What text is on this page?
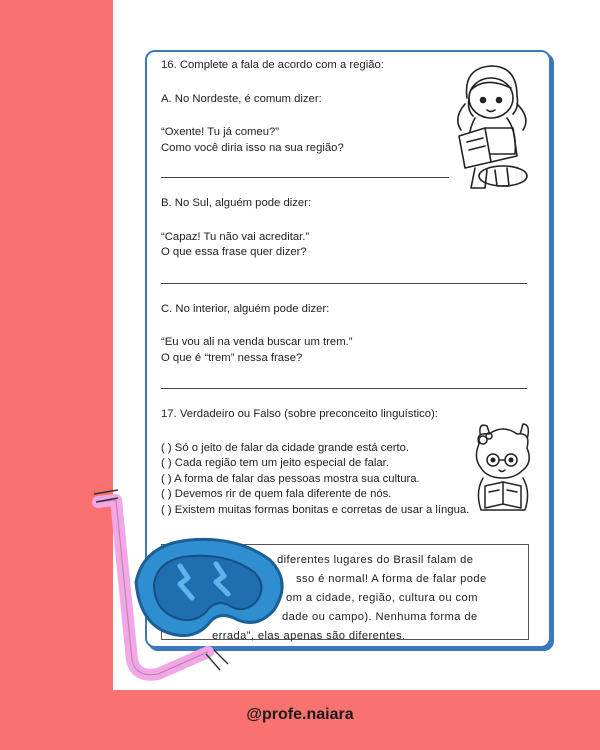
@profe.naiara

16. Complete a fala de acordo com a região:

A. No Nordeste, é comum dizer:

“Oxente! Tu já comeu?”

Como você diria isso na sua região?

B. No Sul, alguém pode dizer:

“Capaz! Tu não vai acreditar.”

O que essa frase quer dizer?

C. No interior, alguém pode dizer:

“Eu vou ali na venda buscar um trem.”

O que é “trem” nessa frase?

17. Verdadeiro ou Falso (sobre preconceito linguístico):

( ) Só o jeito de falar da cidade grande está certo.

( ) Cada região tem um jeito especial de falar.

( ) A forma de falar das pessoas mostra sua cultura.

( ) Devemos rir de quem fala diferente de nós.

( ) Existem muitas formas bonitas e corretas de usar a língua.

diferentes lugares do Brasil falam de
sso é normal! A forma de falar pode
om a cidade, região, cultura ou com
dade ou campo). Nenhuma forma de
errada”, elas apenas são diferentes.
